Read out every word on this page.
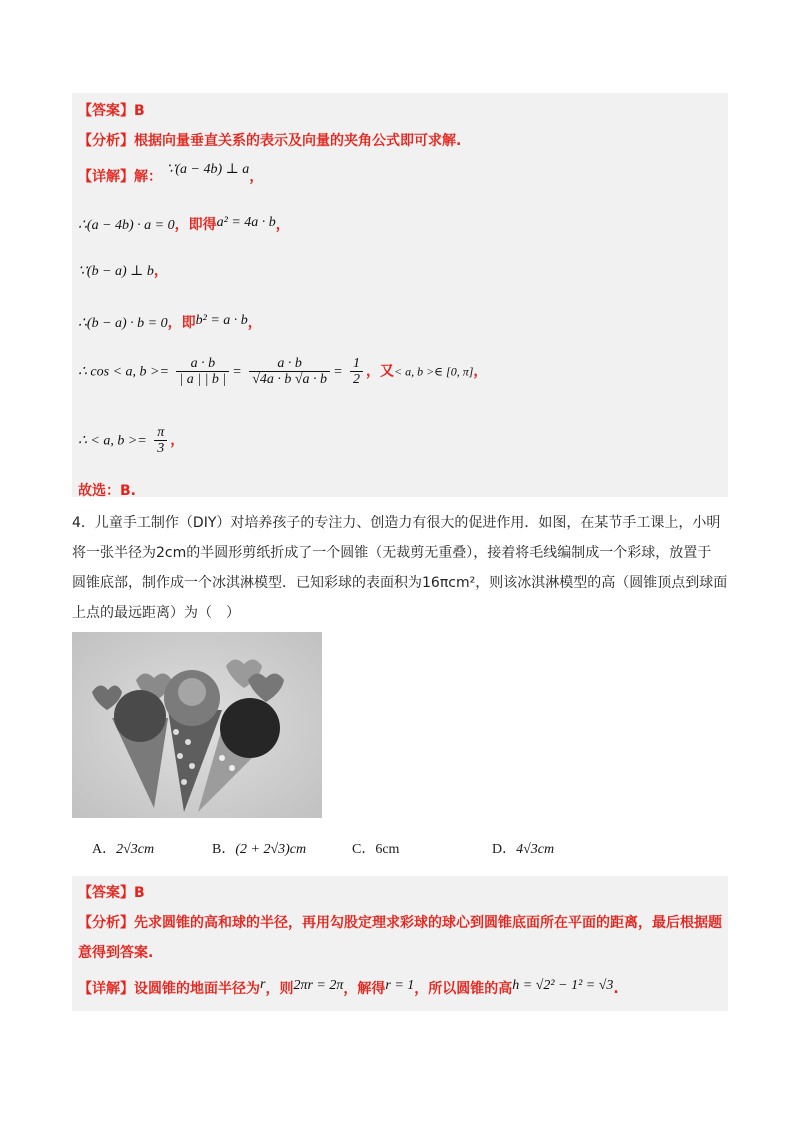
【答案】B
【分析】根据向量垂直关系的表示及向量的夹角公式即可求解.
【详解】解： ∵(a − 4b) ⊥ a，
∴(a − 4b) · a = 0，即得a² = 4a · b，
∵(b − a) ⊥ b，
∴(b − a) · b = 0，即b² = a · b，
∴ cos < a, $b >= \frac{a \cdot b}{| a | | b |} = \frac{a \cdot b}{√4a \cdot b √a \cdot b} = \frac{1}{2}$ ，又< a, b >∈ [0, π]，
∴ < a, $b >= \frac{\pi}{3}$ ，
故选：B.
4．儿童手工制作（DIY）对培养孩子的专注力、创造力有很大的促进作用．如图，在某节手工课上，小明
将一张半径为2cm的半圆形剪纸折成了一个圆锥（无裁剪无重叠），接着将毛线编制成一个彩球，放置于
圆锥底部，制作成一个冰淇淋模型．已知彩球的表面积为16πcm²，则该冰淇淋模型的高（圆锥顶点到球面
上点的最远距离）为（　）
A．2√3cm	B．(2 + 2√3)cm	C．6cm	D．4√3cm
【答案】B
【分析】先求圆锥的高和球的半径，再用勾股定理求彩球的球心到圆锥底面所在平面的距离，最后根据题
意得到答案.
【详解】设圆锥的地面半径为r，则2πr = 2π，解得r = 1，所以圆锥的高h = √2² − 1² = √3.
